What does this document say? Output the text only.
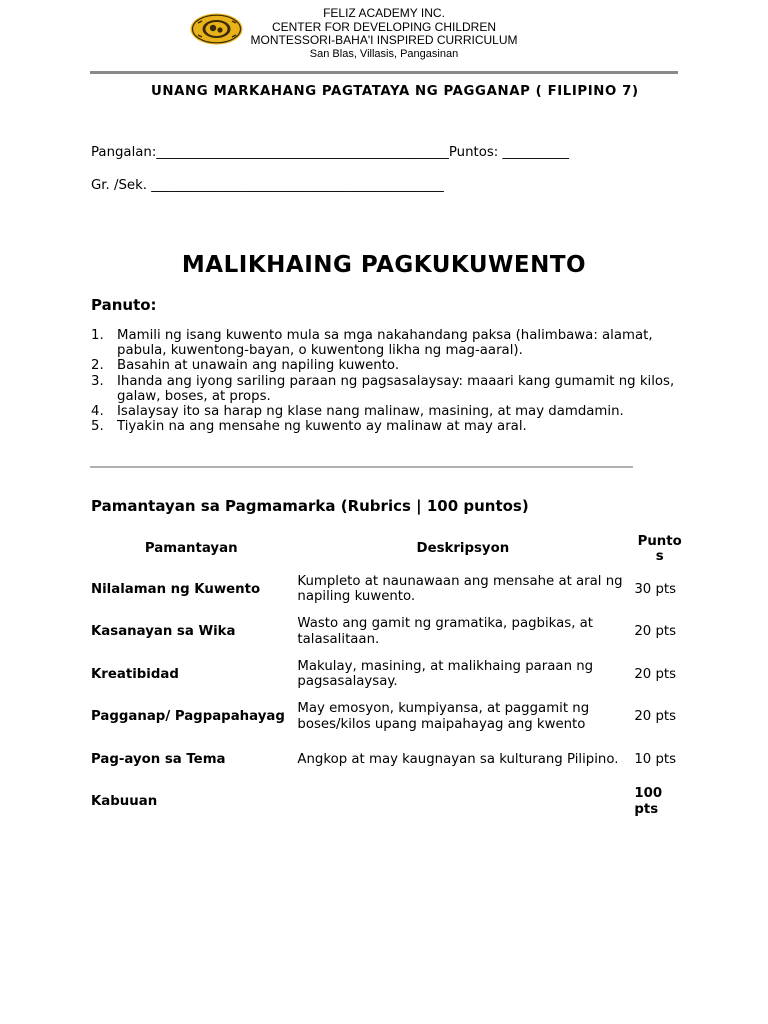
FELIZ ACADEMY INC.
CENTER FOR DEVELOPING CHILDREN
MONTESSORI-BAHA'I INSPIRED CURRICULUM
San Blas, Villasis, Pangasinan
UNANG MARKAHANG PAGTATAYA NG PAGGANAP ( FILIPINO 7)
Pangalan:____________________________________________Puntos: __________
Gr. /Sek. ____________________________________________
MALIKHAING PAGKUKUWENTO
Panuto:
1. Mamili ng isang kuwento mula sa mga nakahandang paksa (halimbawa: alamat, pabula, kuwentong-bayan, o kuwentong likha ng mag-aaral).
2. Basahin at unawain ang napiling kuwento.
3. Ihanda ang iyong sariling paraan ng pagsasalaysay: maaari kang gumamit ng kilos, galaw, boses, at props.
4. Isalaysay ito sa harap ng klase nang malinaw, masining, at may damdamin.
5. Tiyakin na ang mensahe ng kuwento ay malinaw at may aral.
Pamantayan sa Pagmamarka (Rubrics | 100 puntos)
Pamantayan	Deskripsyon	Puntos
Nilalaman ng Kuwento	Kumpleto at naunawaan ang mensahe at aral ng napiling kuwento.	30 pts
Kasanayan sa Wika	Wasto ang gamit ng gramatika, pagbikas, at talasalitaan.	20 pts
Kreatibidad	Makulay, masining, at malikhaing paraan ng pagsasalaysay.	20 pts
Pagganap/ Pagpapahayag	May emosyon, kumpiyansa, at paggamit ng boses/kilos upang maipahayag ang kwento	20 pts
Pag-ayon sa Tema	Angkop at may kaugnayan sa kulturang Pilipino.	10 pts
Kabuuan		100 pts
